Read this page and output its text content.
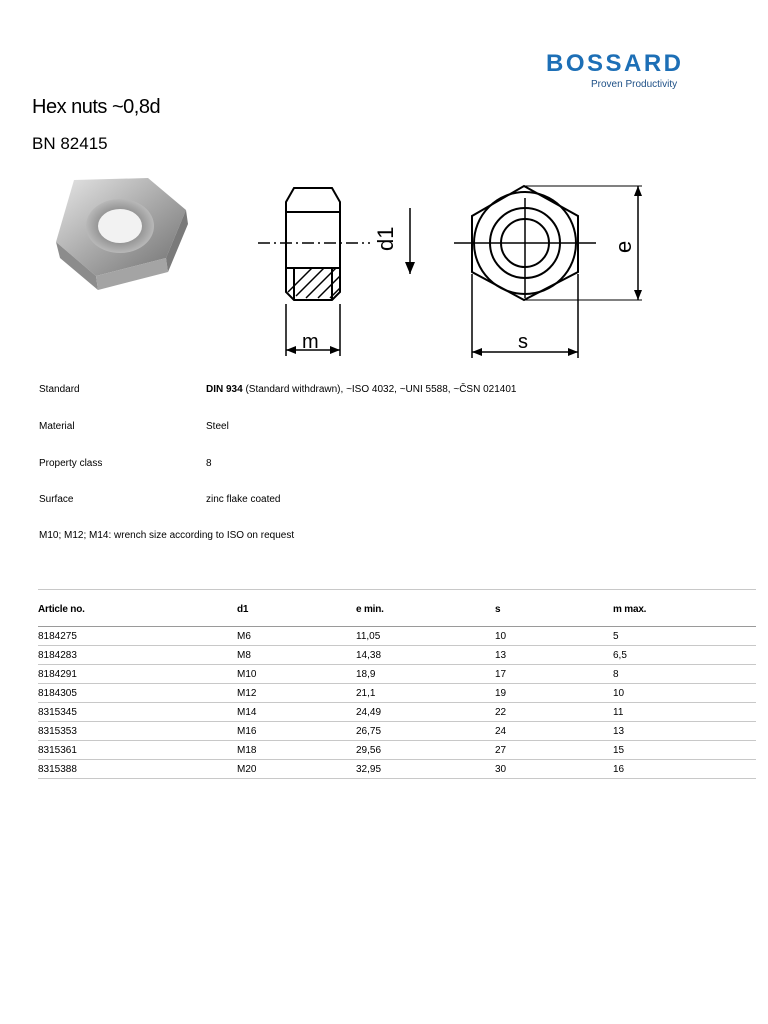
BOSSARD
Proven Productivity
Hex nuts ~0,8d
BN 82415
d1
m
e
s
Standard	DIN 934 (Standard withdrawn), ~ISO 4032, ~UNI 5588, ~ČSN 021401
Material	Steel
Property class	8
Surface	zinc flake coated
M10; M12; M14: wrench size according to ISO on request
Article no.	d1	e min.	s	m max.
8184275	M6	11,05	10	5
8184283	M8	14,38	13	6,5
8184291	M10	18,9	17	8
8184305	M12	21,1	19	10
8315345	M14	24,49	22	11
8315353	M16	26,75	24	13
8315361	M18	29,56	27	15
8315388	M20	32,95	30	16
